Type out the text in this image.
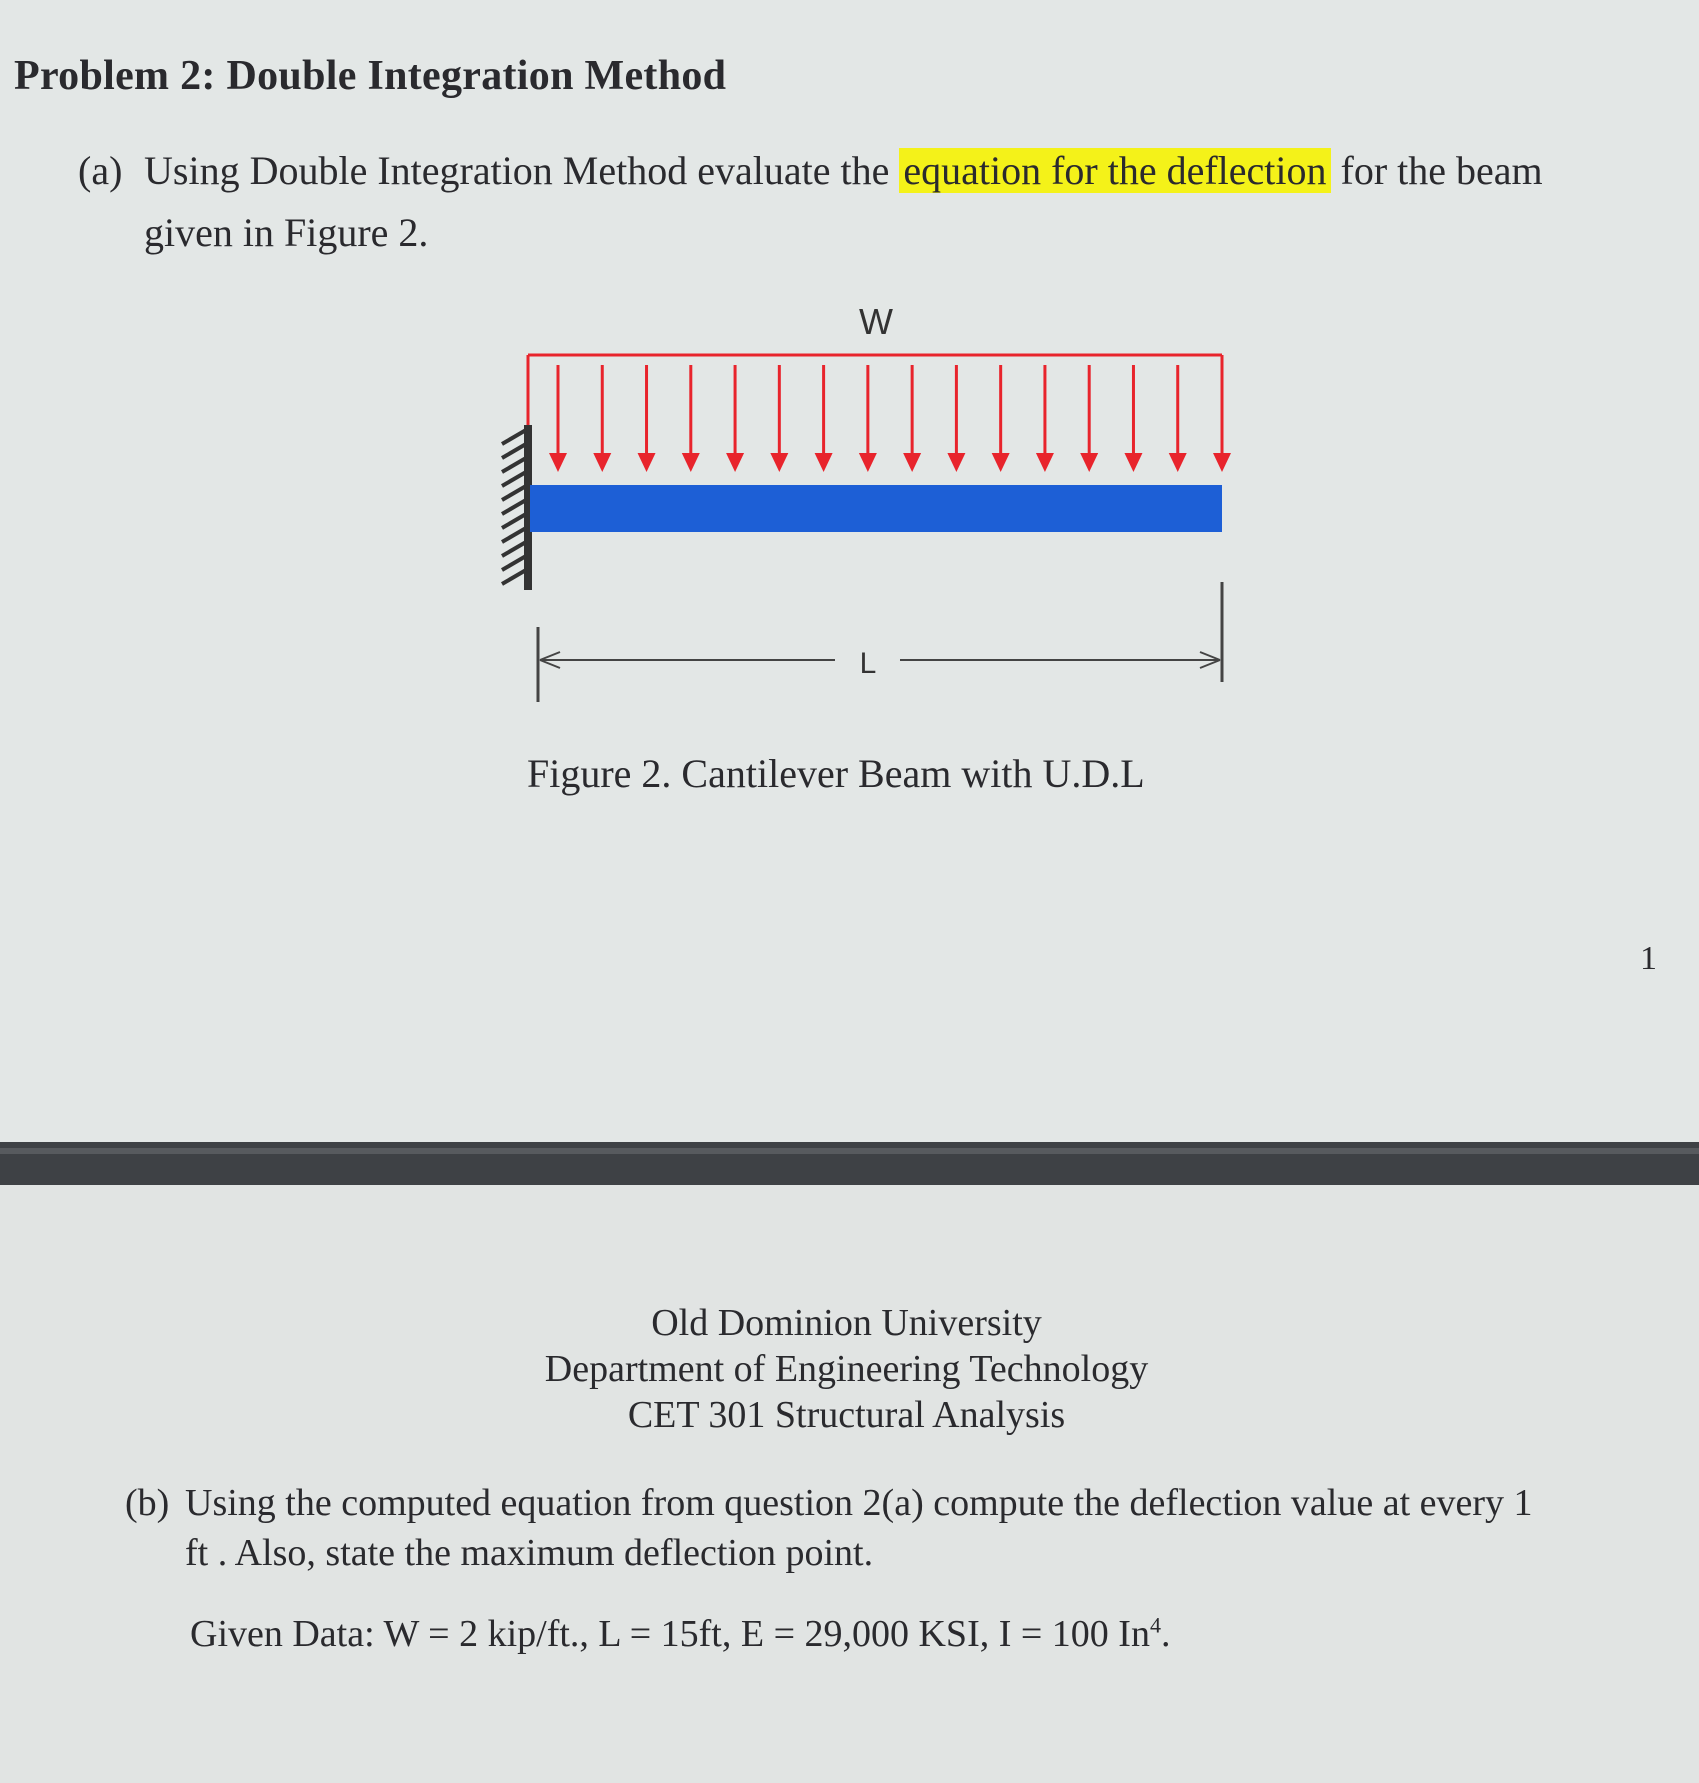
Problem 2: Double Integration Method
(a) Using Double Integration Method evaluate the equation for the deflection for the beam
given in Figure 2.
W
L
Figure 2. Cantilever Beam with U.D.L
1
Old Dominion University
Department of Engineering Technology
CET 301 Structural Analysis
(b) Using the computed equation from question 2(a) compute the deflection value at every 1
ft . Also, state the maximum deflection point.
Given Data: W = 2 kip/ft., L = 15ft, E = 29,000 KSI, I = 100 In$^4$.
